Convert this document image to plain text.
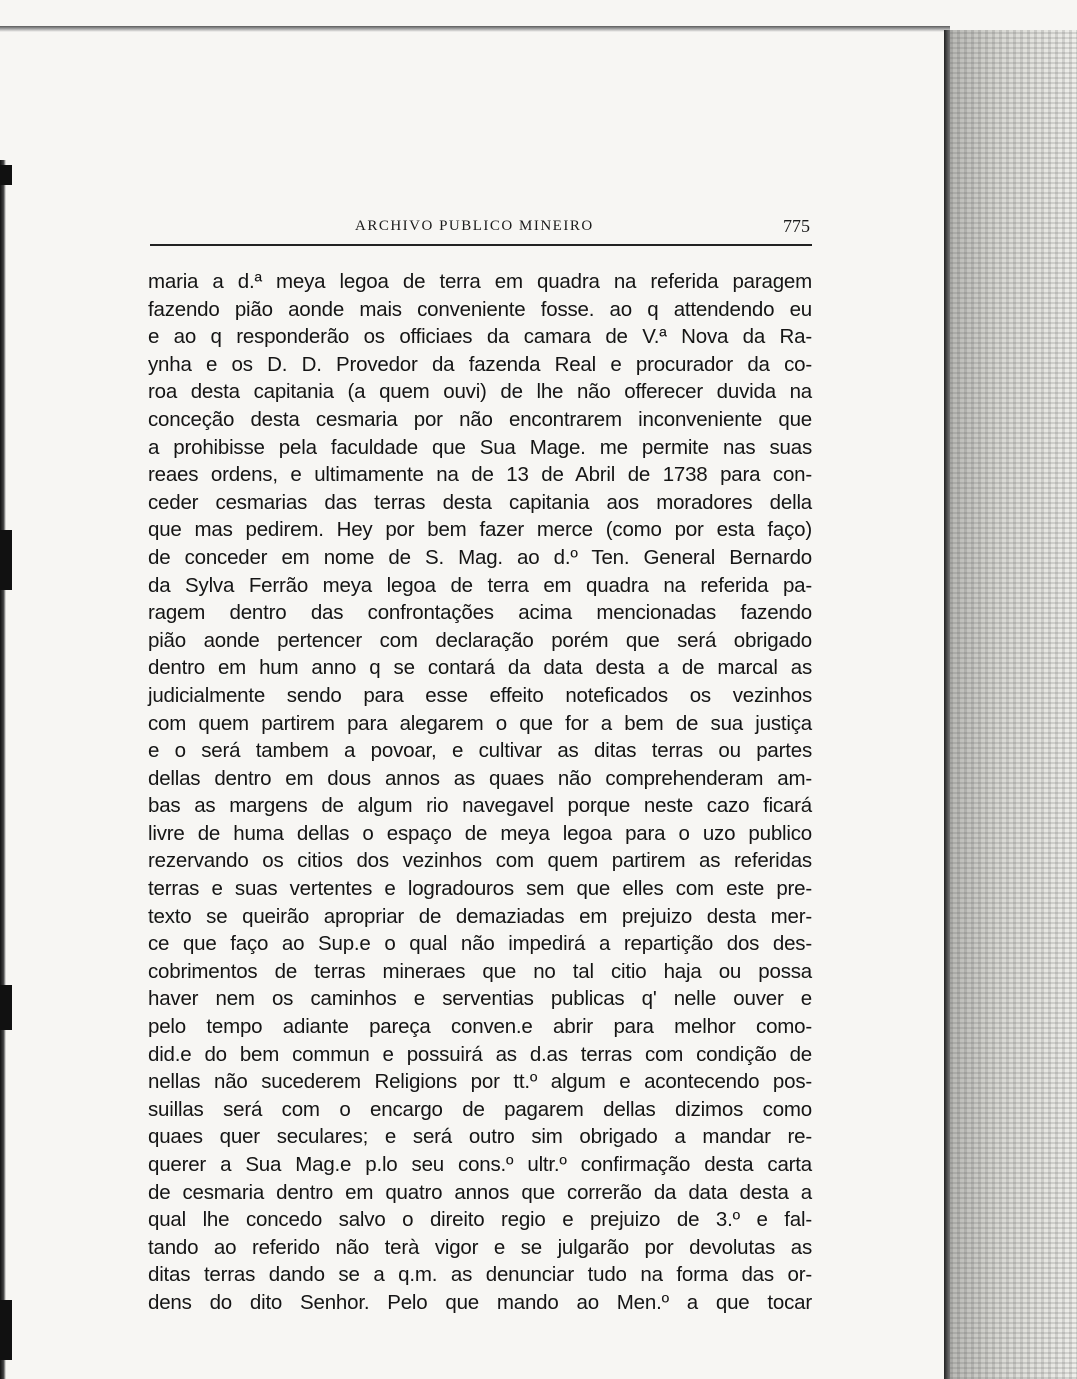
ARCHIVO PUBLICO MINEIRO	775
maria a d.ª meya legoa de terra em quadra na referida paragem
fazendo pião aonde mais conveniente fosse. ao q attendendo eu
e ao q responderão os officiaes da camara de V.ª Nova da Ra-
ynha e os D. D. Provedor da fazenda Real e procurador da co-
roa desta capitania (a quem ouvi) de lhe não offerecer duvida na
conceção desta cesmaria por não encontrarem inconveniente que
a prohibisse pela faculdade que Sua Mage. me permite nas suas
reaes ordens, e ultimamente na de 13 de Abril de 1738 para con-
ceder cesmarias das terras desta capitania aos moradores della
que mas pedirem. Hey por bem fazer merce (como por esta faço)
de conceder em nome de S. Mag. ao d.º Ten. General Bernardo
da Sylva Ferrão meya legoa de terra em quadra na referida pa-
ragem dentro das confrontações acima mencionadas fazendo
pião aonde pertencer com declaração porém que será obrigado
dentro em hum anno q se contará da data desta a de marcal as
judicialmente sendo para esse effeito noteficados os vezinhos
com quem partirem para alegarem o que for a bem de sua justiça
e o será tambem a povoar, e cultivar as ditas terras ou partes
dellas dentro em dous annos as quaes não comprehenderam am-
bas as margens de algum rio navegavel porque neste cazo ficará
livre de huma dellas o espaço de meya legoa para o uzo publico
rezervando os citios dos vezinhos com quem partirem as referidas
terras e suas vertentes e logradouros sem que elles com este pre-
texto se queirão apropriar de demaziadas em prejuizo desta mer-
ce que faço ao Sup.e o qual não impedirá a repartição dos des-
cobrimentos de terras mineraes que no tal citio haja ou possa
haver nem os caminhos e serventias publicas q' nelle ouver e
pelo tempo adiante pareça conven.e abrir para melhor como-
did.e do bem commun e possuirá as d.as terras com condição de
nellas não sucederem Religions por tt.º algum e acontecendo pos-
suillas será com o encargo de pagarem dellas dizimos como
quaes quer seculares; e será outro sim obrigado a mandar re-
querer a Sua Mag.e p.lo seu cons.º ultr.º confirmação desta carta
de cesmaria dentro em quatro annos que correrão da data desta a
qual lhe concedo salvo o direito regio e prejuizo de 3.º e fal-
tando ao referido não terà vigor e se julgarão por devolutas as
ditas terras dando se a q.m. as denunciar tudo na forma das or-
dens do dito Senhor. Pelo que mando ao Men.º a que tocar
